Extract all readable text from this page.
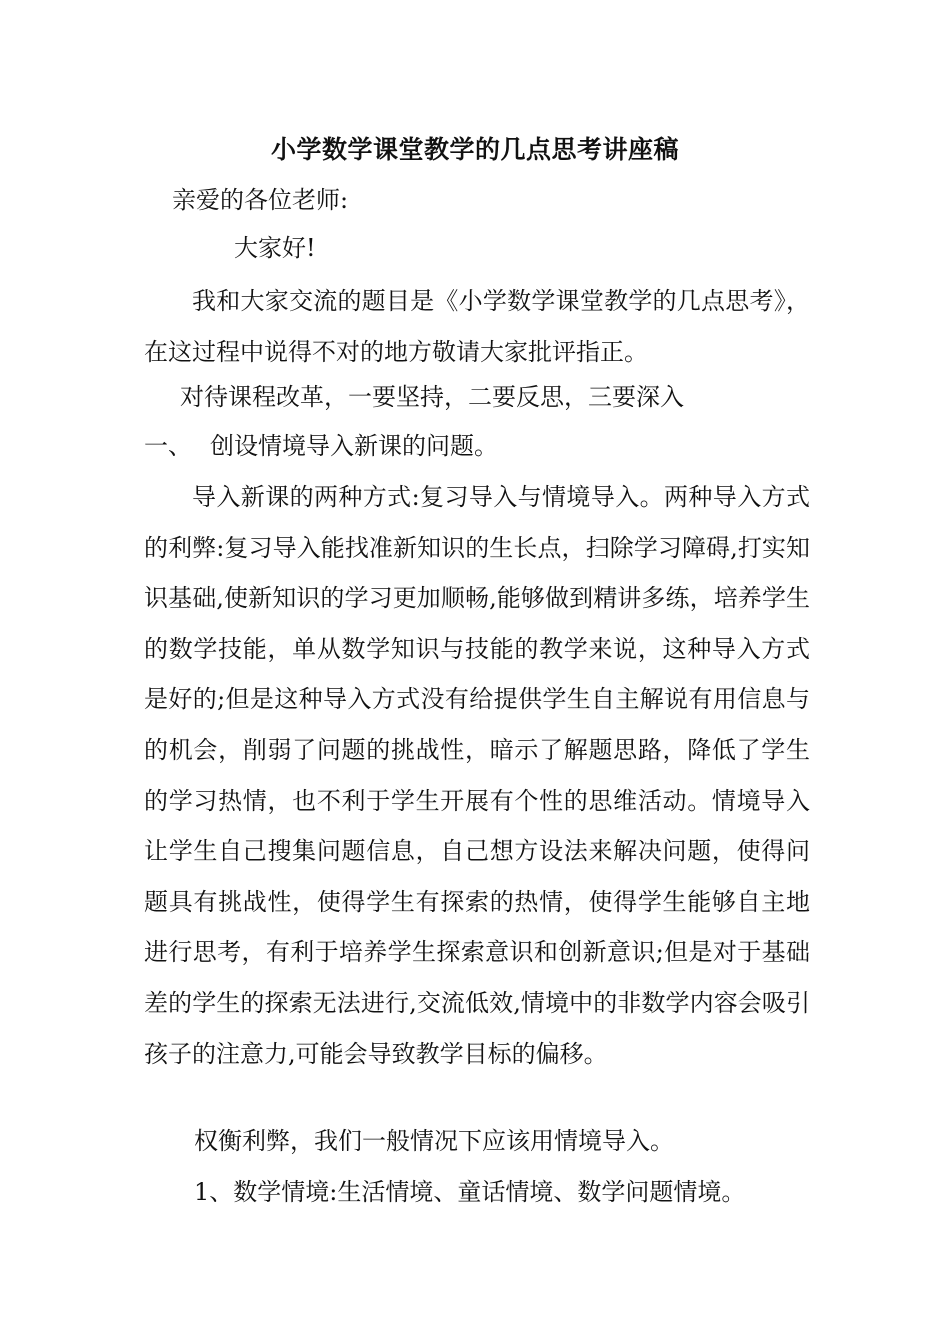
小学数学课堂教学的几点思考讲座稿
亲爱的各位老师:
大家好!
我和大家交流的题目是《小学数学课堂教学的几点思考》，在这过程中说得不对的地方敬请大家批评指正。
对待课程改革，一要坚持，二要反思，三要深入
一、 创设情境导入新课的问题。
导入新课的两种方式:复习导入与情境导入。两种导入方式的利弊:复习导入能找准新知识的生长点，扫除学习障碍,打实知识基础,使新知识的学习更加顺畅,能够做到精讲多练，培养学生的数学技能，单从数学知识与技能的教学来说，这种导入方式是好的;但是这种导入方式没有给提供学生自主解说有用信息与的机会，削弱了问题的挑战性，暗示了解题思路，降低了学生的学习热情，也不利于学生开展有个性的思维活动。情境导入让学生自己搜集问题信息，自己想方设法来解决问题，使得问题具有挑战性，使得学生有探索的热情，使得学生能够自主地进行思考，有利于培养学生探索意识和创新意识;但是对于基础差的学生的探索无法进行,交流低效,情境中的非数学内容会吸引孩子的注意力,可能会导致教学目标的偏移。
权衡利弊，我们一般情况下应该用情境导入。
1、数学情境:生活情境、童话情境、数学问题情境。
